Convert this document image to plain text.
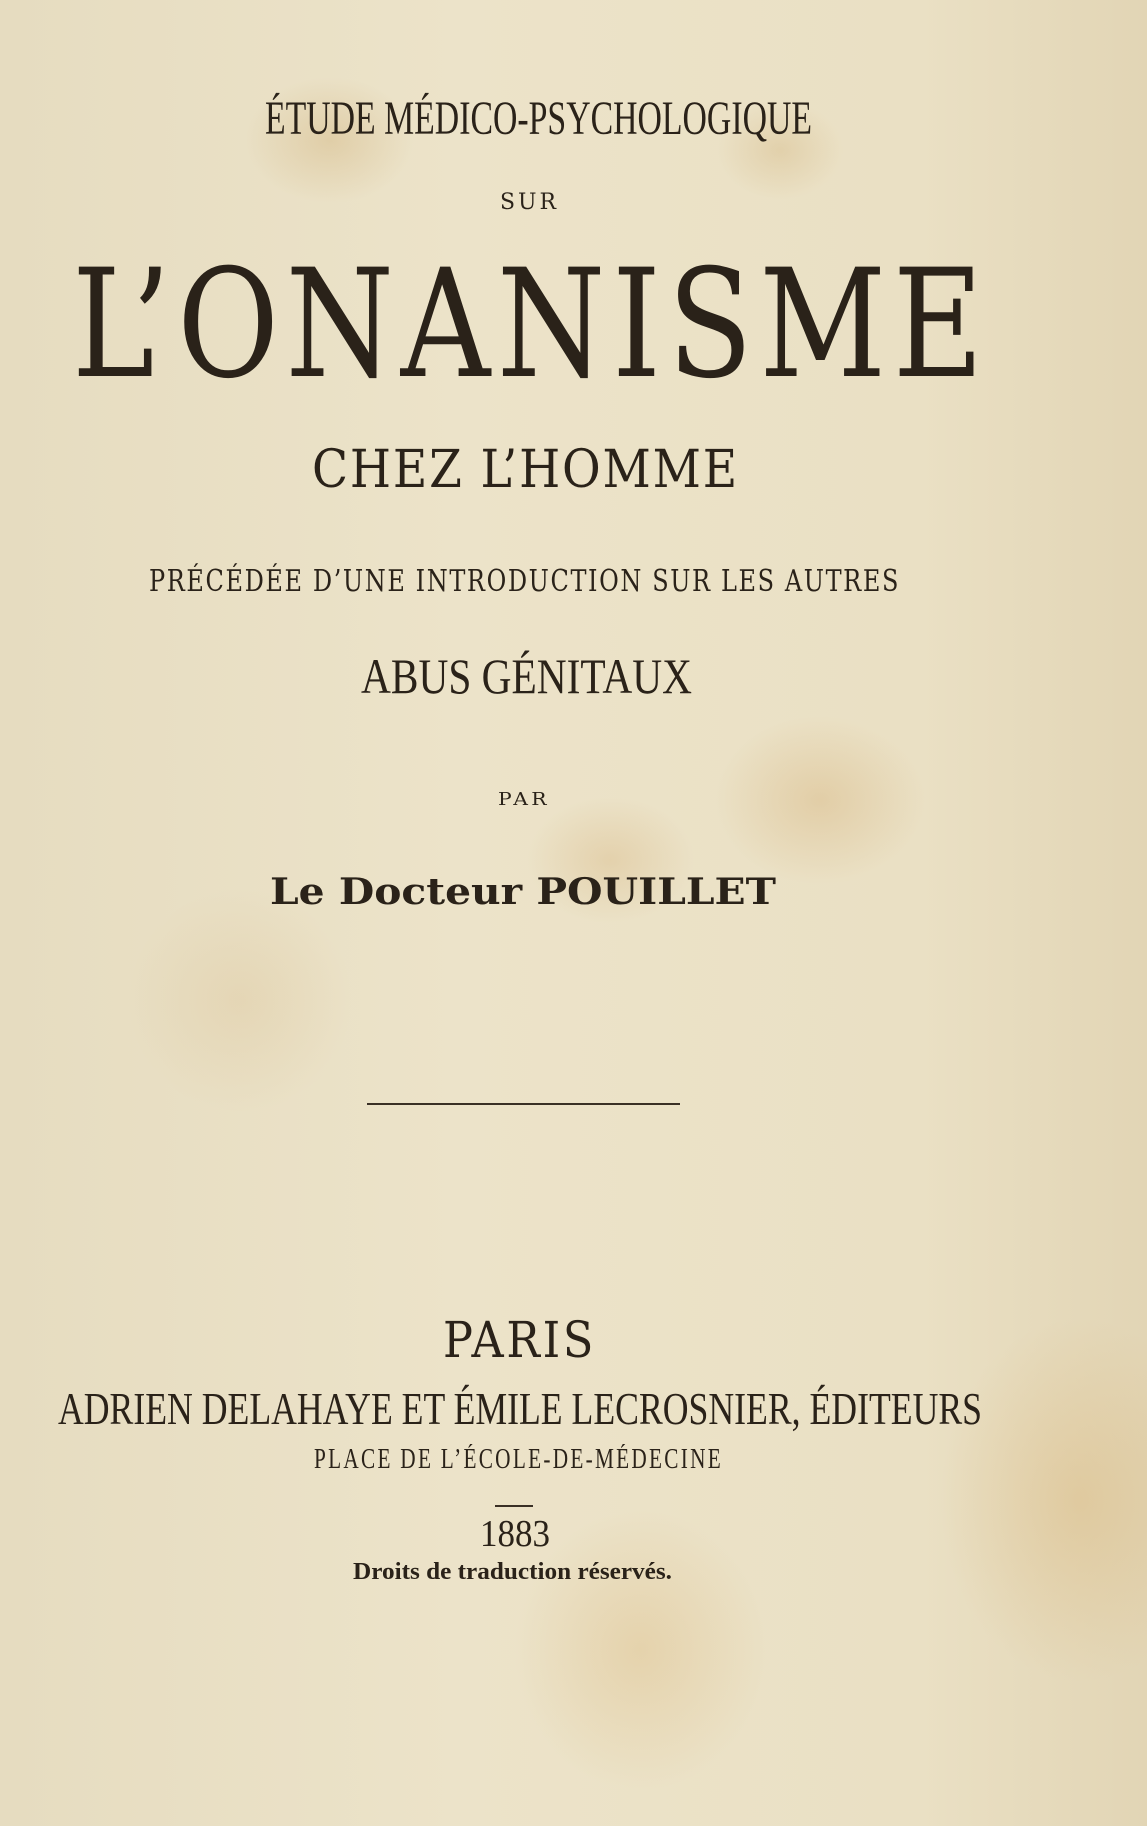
ÉTUDE MÉDICO-PSYCHOLOGIQUE
SUR
L’ONANISME
CHEZ L’HOMME
PRÉCÉDÉE D’UNE INTRODUCTION SUR LES AUTRES
ABUS GÉNITAUX
PAR
Le Docteur POUILLET
PARIS
ADRIEN DELAHAYE ET ÉMILE LECROSNIER, ÉDITEURS
PLACE DE L’ÉCOLE-DE-MÉDECINE
1883
Droits de traduction réservés.
